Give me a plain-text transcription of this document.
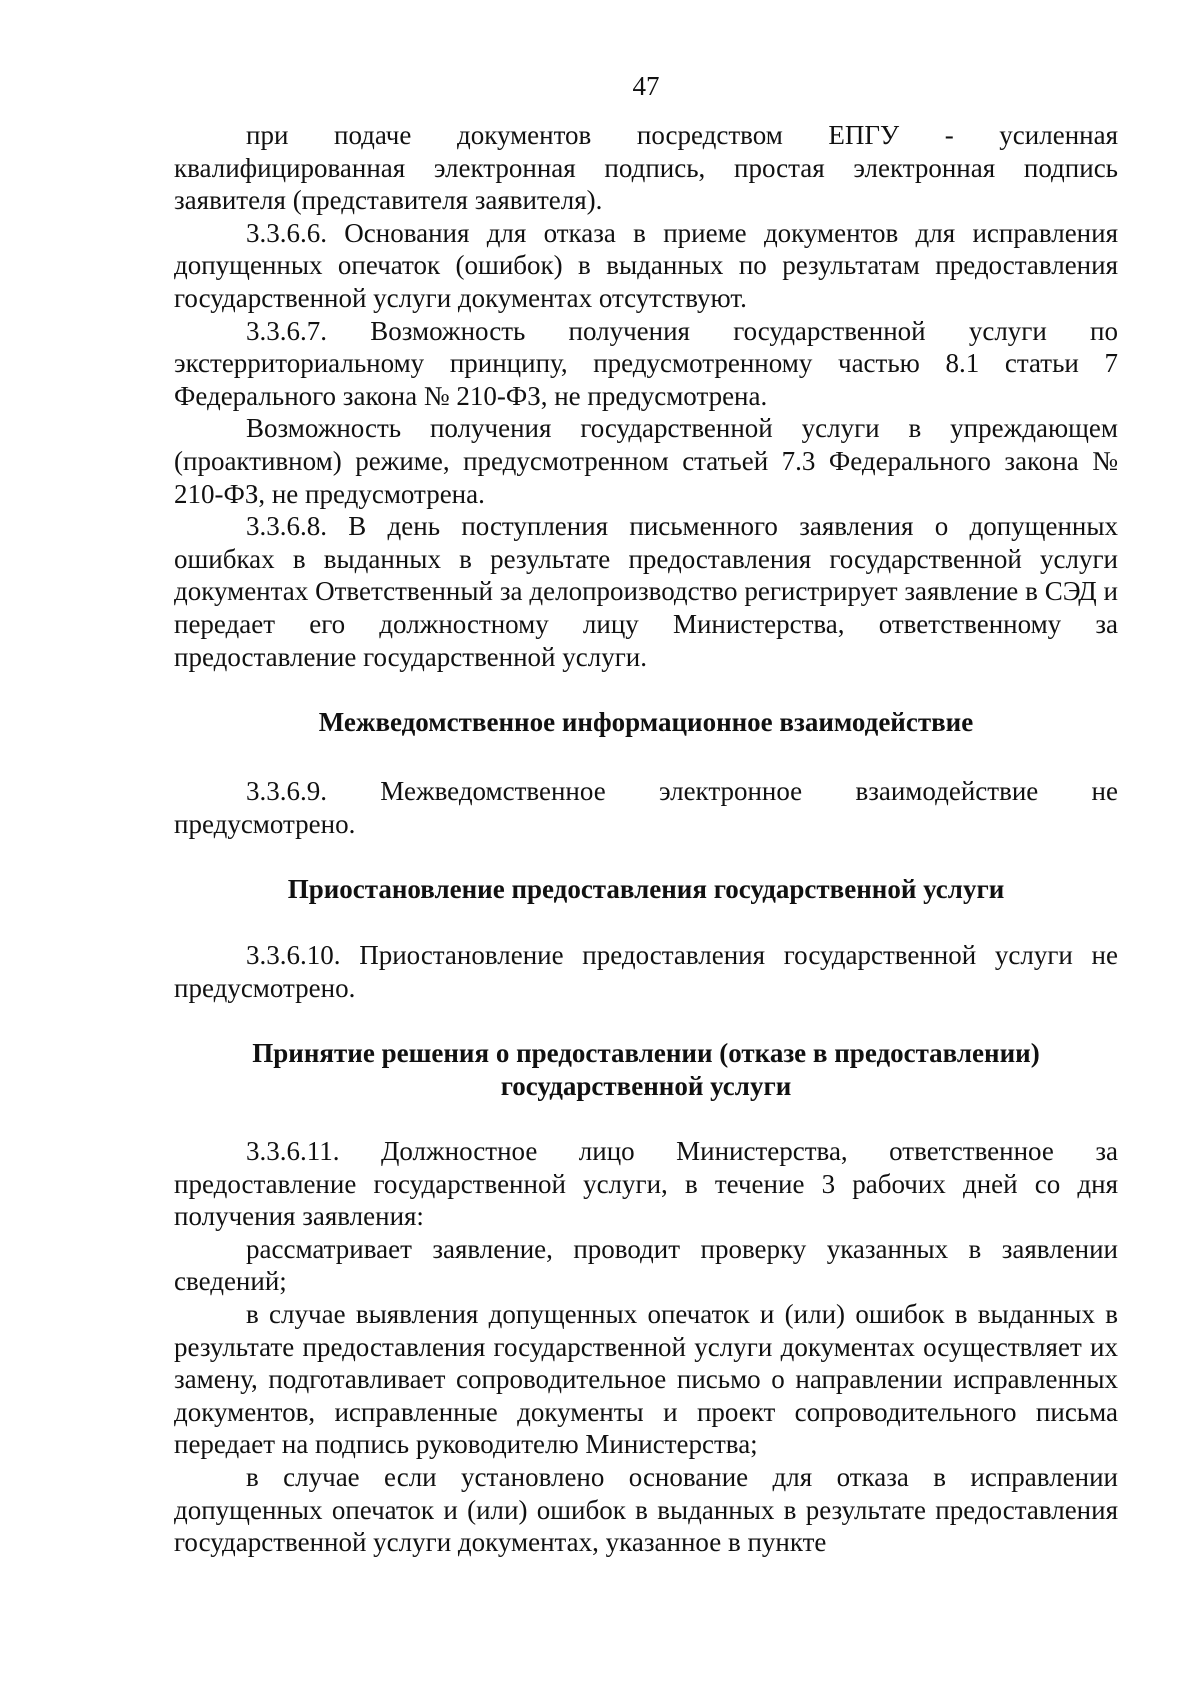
47

при подаче документов посредством ЕПГУ - усиленная квалифицированная электронная подпись, простая электронная подпись заявителя (представителя заявителя).

3.3.6.6. Основания для отказа в приеме документов для исправления допущенных опечаток (ошибок) в выданных по результатам предоставления государственной услуги документах отсутствуют.

3.3.6.7. Возможность получения государственной услуги по экстерриториальному принципу, предусмотренному частью 8.1 статьи 7 Федерального закона № 210-ФЗ, не предусмотрена.

Возможность получения государственной услуги в упреждающем (проактивном) режиме, предусмотренном статьей 7.3 Федерального закона № 210-ФЗ, не предусмотрена.

3.3.6.8. В день поступления письменного заявления о допущенных ошибках в выданных в результате предоставления государственной услуги документах Ответственный за делопроизводство регистрирует заявление в СЭД и передает его должностному лицу Министерства, ответственному за предоставление государственной услуги.

Межведомственное информационное взаимодействие

3.3.6.9. Межведомственное электронное взаимодействие не предусмотрено.

Приостановление предоставления государственной услуги

3.3.6.10. Приостановление предоставления государственной услуги не предусмотрено.

Принятие решения о предоставлении (отказе в предоставлении)
государственной услуги

3.3.6.11. Должностное лицо Министерства, ответственное за предоставление государственной услуги, в течение 3 рабочих дней со дня получения заявления:

рассматривает заявление, проводит проверку указанных в заявлении сведений;

в случае выявления допущенных опечаток и (или) ошибок в выданных в результате предоставления государственной услуги документах осуществляет их замену, подготавливает сопроводительное письмо о направлении исправленных документов, исправленные документы и проект сопроводительного письма передает на подпись руководителю Министерства;

в случае если установлено основание для отказа в исправлении допущенных опечаток и (или) ошибок в выданных в результате предоставления государственной услуги документах, указанное в пункте
